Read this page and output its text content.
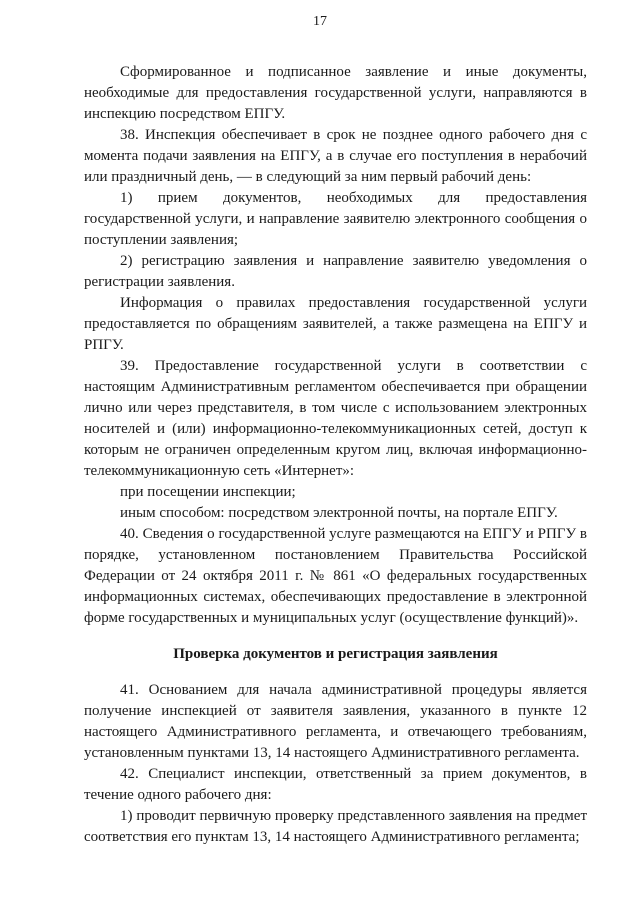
17

Сформированное и подписанное заявление и иные документы, необходимые для предоставления государственной услуги, направляются в инспекцию посредством ЕПГУ.

38. Инспекция обеспечивает в срок не позднее одного рабочего дня с момента подачи заявления на ЕПГУ, а в случае его поступления в нерабочий или праздничный день, — в следующий за ним первый рабочий день:

1) прием документов, необходимых для предоставления государственной услуги, и направление заявителю электронного сообщения о поступлении заявления;

2) регистрацию заявления и направление заявителю уведомления о регистрации заявления.

Информация о правилах предоставления государственной услуги предоставляется по обращениям заявителей, а также размещена на ЕПГУ и РПГУ.

39. Предоставление государственной услуги в соответствии с настоящим Административным регламентом обеспечивается при обращении лично или через представителя, в том числе с использованием электронных носителей и (или) информационно-телекоммуникационных сетей, доступ к которым не ограничен определенным кругом лиц, включая информационно-телекоммуникационную сеть «Интернет»:

при посещении инспекции;

иным способом: посредством электронной почты, на портале ЕПГУ.

40. Сведения о государственной услуге размещаются на ЕПГУ и РПГУ в порядке, установленном постановлением Правительства Российской Федерации от 24 октября 2011 г. № 861 «О федеральных государственных информационных системах, обеспечивающих предоставление в электронной форме государственных и муниципальных услуг (осуществление функций)».

Проверка документов и регистрация заявления

41. Основанием для начала административной процедуры является получение инспекцией от заявителя заявления, указанного в пункте 12 настоящего Административного регламента, и отвечающего требованиям, установленным пунктами 13, 14 настоящего Административного регламента.

42. Специалист инспекции, ответственный за прием документов, в течение одного рабочего дня:

1) проводит первичную проверку представленного заявления на предмет соответствия его пунктам 13, 14 настоящего Административного регламента;
